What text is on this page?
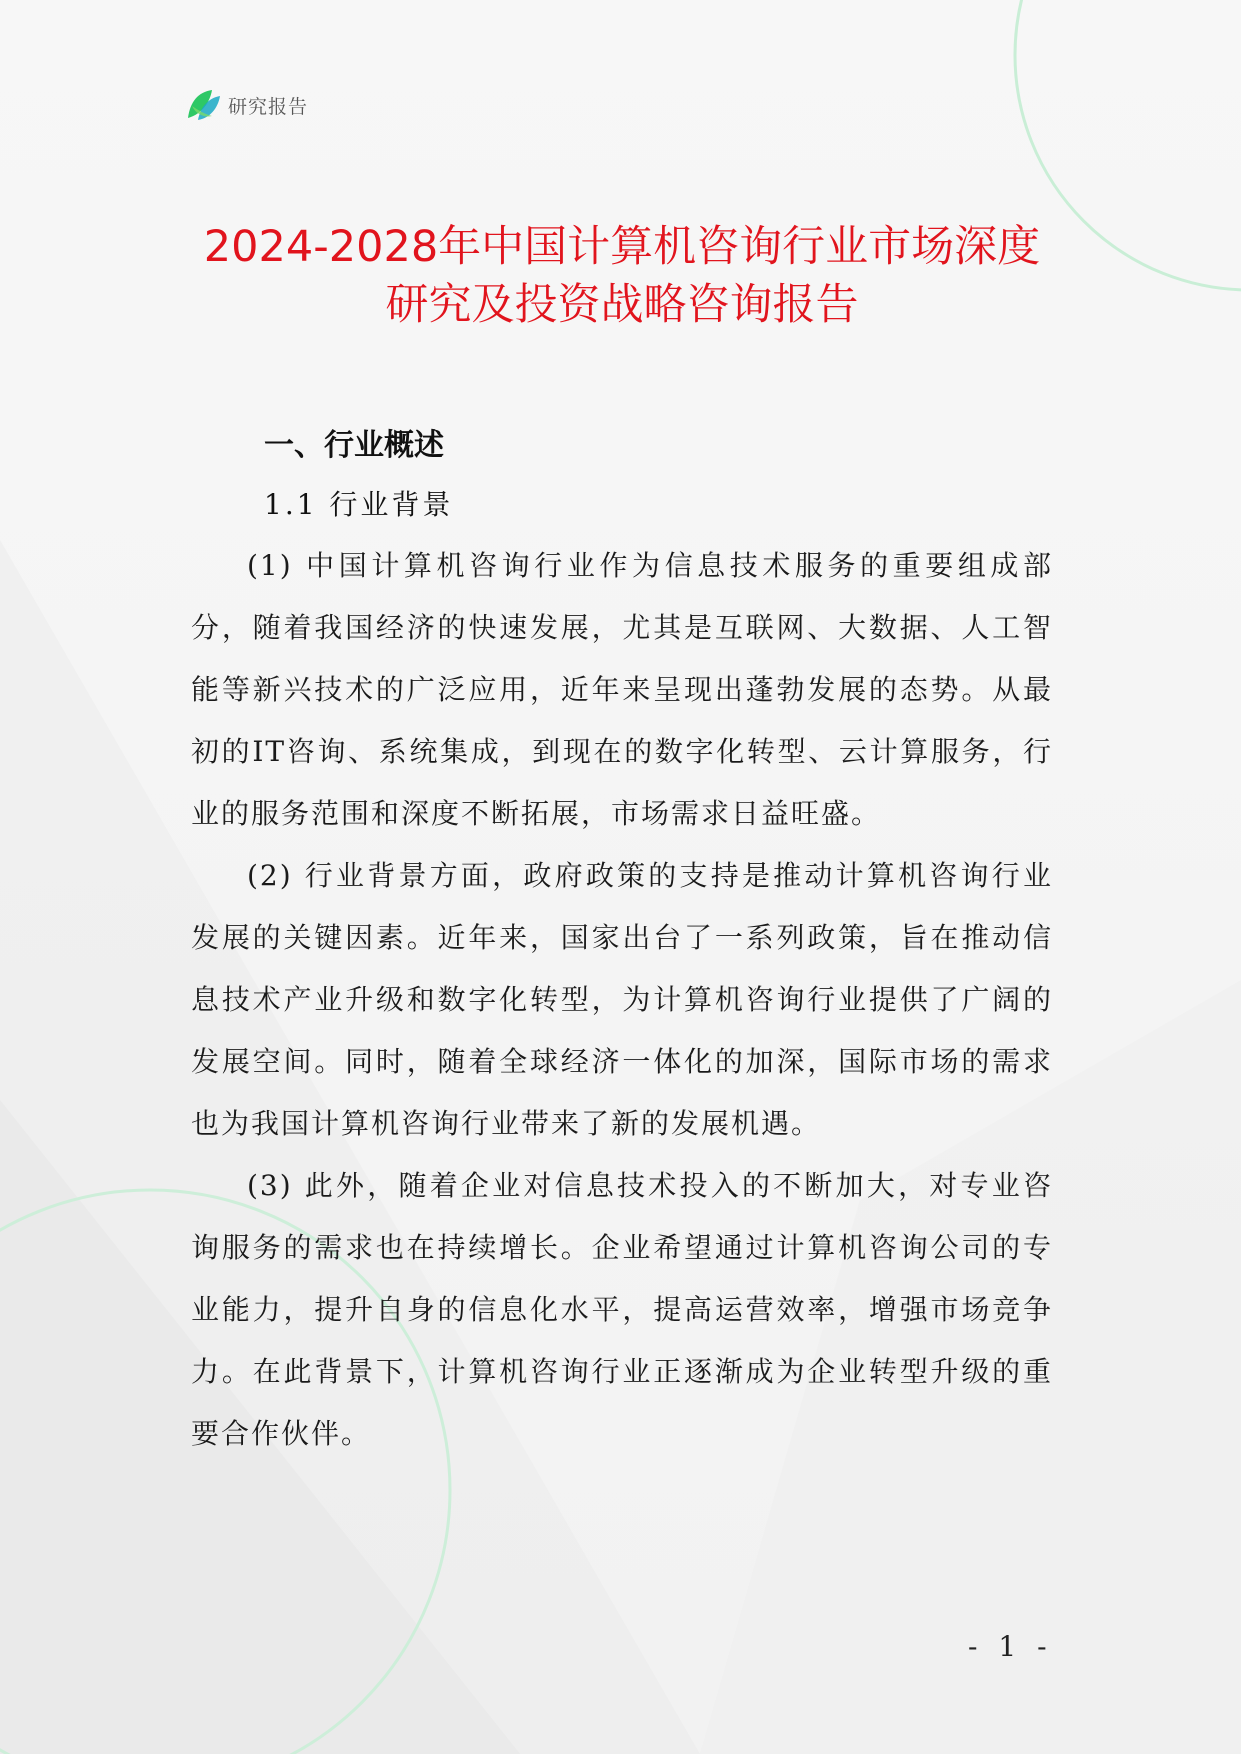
研究报告
2024-2028年中国计算机咨询行业市场深度
研究及投资战略咨询报告
一、行业概述
1.1 行业背景

(1) 中国计算机咨询行业作为信息技术服务的重要组成部分，随着我国经济的快速发展，尤其是互联网、大数据、人工智能等新兴技术的广泛应用，近年来呈现出蓬勃发展的态势。从最初的IT咨询、系统集成，到现在的数字化转型、云计算服务，行业的服务范围和深度不断拓展，市场需求日益旺盛。

(2) 行业背景方面，政府政策的支持是推动计算机咨询行业发展的关键因素。近年来，国家出台了一系列政策，旨在推动信息技术产业升级和数字化转型，为计算机咨询行业提供了广阔的发展空间。同时，随着全球经济一体化的加深，国际市场的需求也为我国计算机咨询行业带来了新的发展机遇。

(3) 此外，随着企业对信息技术投入的不断加大，对专业咨询服务的需求也在持续增长。企业希望通过计算机咨询公司的专业能力，提升自身的信息化水平，提高运营效率，增强市场竞争力。在此背景下，计算机咨询行业正逐渐成为企业转型升级的重要合作伙伴。

- 1 -
